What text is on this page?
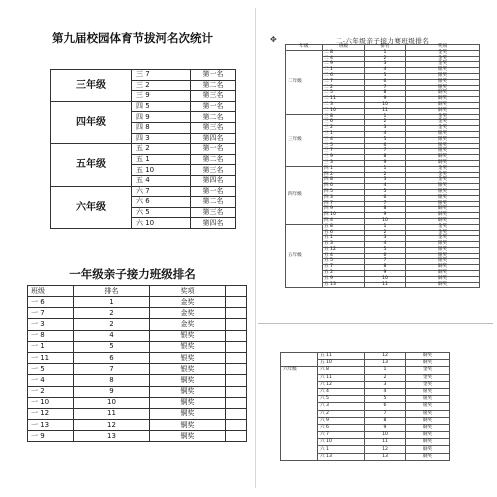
第九届校园体育节拔河名次统计
三年级	三 7	第一名
	三 2	第二名
	三 9	第三名
四年级	四 5	第一名
	四 9	第二名
	四 8	第三名
	四 3	第四名
五年级	五 2	第一名
	五 1	第二名
	五 10	第三名
	五 4	第四名
六年级	六 7	第一名
	六 6	第二名
	六 5	第三名
	六 10	第四名
一年级亲子接力班级排名
班级	排名	奖项	
一 6	1	金奖	
一 7	2	金奖	
一 3	2	金奖	
一 8	4	银奖	
一 1	5	银奖	
一 11	6	银奖	
一 5	7	银奖	
一 4	8	铜奖	
一 2	9	铜奖	
一 10	10	铜奖	
一 12	11	铜奖	
一 13	12	铜奖	
一 9	13	铜奖	
✥	二-六年级亲子接力赛班级排名
年级	班级	排名	奖项
二年级	二 8	1	金奖
	二 4	2	金奖
	二 9	3	金奖
	二 1	4	银奖
	二 6	5	银奖
	二 7	6	银奖
	二 2	7	银奖
	二 5	8	铜奖
	二 11	9	铜奖
	二 3	10	铜奖
	二 10	11	铜奖
三年级	三 8	1	金奖
	三 6	2	金奖
	三 2	3	金奖
	三 1	4	银奖
	三 4	5	银奖
	三 5	6	银奖
	三 7	7	银奖
	三 9	8	铜奖
	三 3	9	铜奖
四年级	四 1	1	金奖
	四 2	2	金奖
	四 8	3	金奖
	四 6	4	银奖
	四 5	5	银奖
	四 3	6	银奖
	四 7	7	银奖
	四 9	8	铜奖
	四 10	9	铜奖
	四 4	10	铜奖
五年级	五 8	1	金奖
	五 6	2	金奖
	五 1	3	金奖
	五 3	4	银奖
	五 12	5	银奖
	五 4	6	银奖
	五 5	7	银奖
	五 7	8	铜奖
	五 2	9	铜奖
	五 9	10	铜奖
	五 13	11	铜奖
	五 11	12	铜奖
	五 10	13	铜奖
六年级	六 8	1	金奖
	六 11	2	金奖
	六 12	3	金奖
	六 4	4	银奖
	六 5	5	银奖
	六 3	6	银奖
	六 2	7	银奖
	六 9	8	铜奖
	六 6	9	铜奖
	六 7	10	铜奖
	六 10	11	铜奖
	六 1	12	铜奖
	六 13	13	铜奖
